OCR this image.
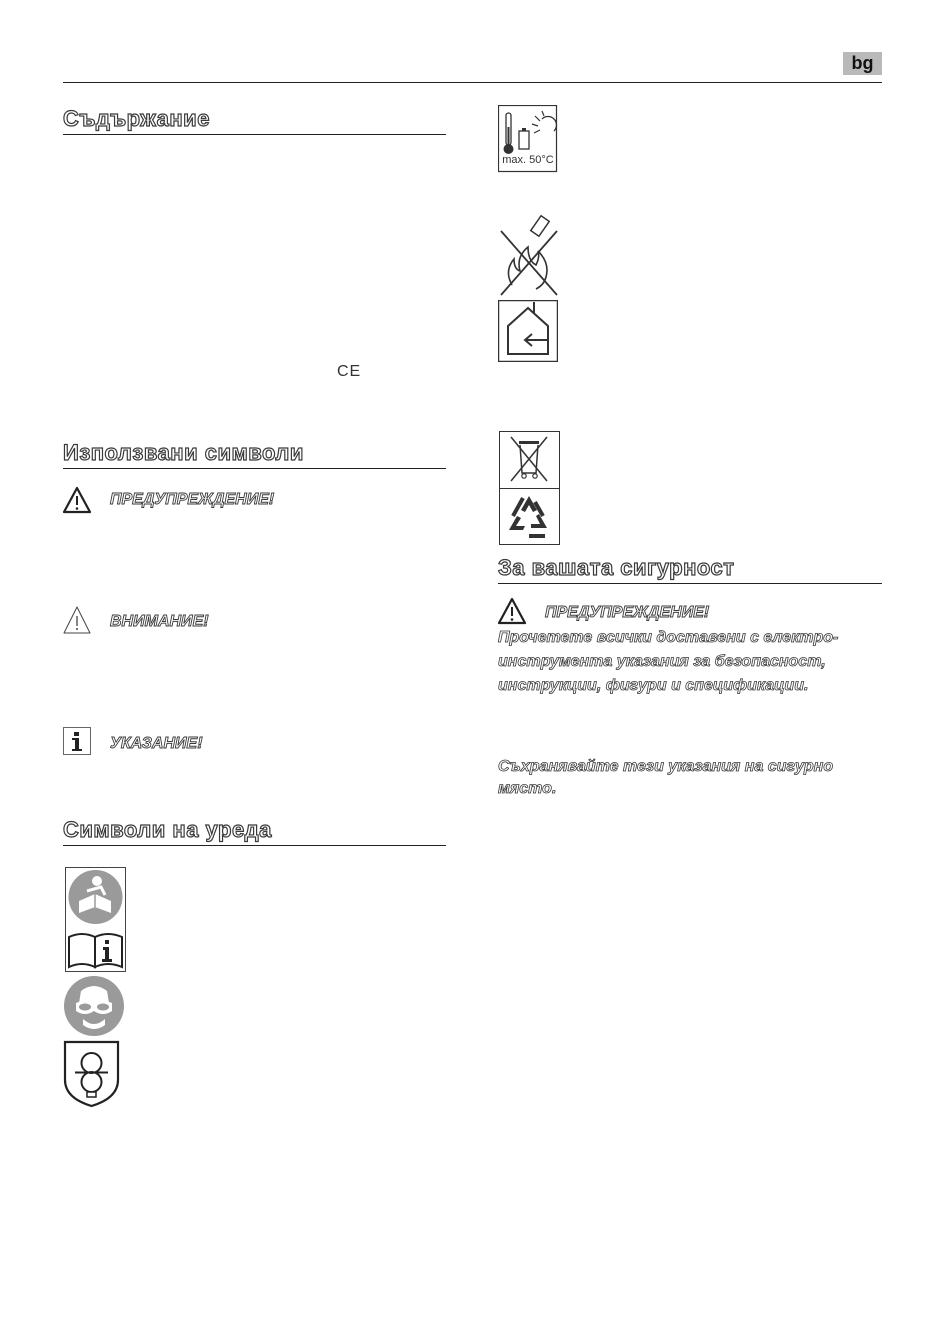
bg
Съдържание
CE
Използвани символи
ПРЕДУПРЕЖДЕНИЕ!
ВНИМАНИЕ!
УКАЗАНИЕ!
Символи на уреда
max. 50°C
За вашата сигурност
ПРЕДУПРЕЖДЕНИЕ!
Прочетете всички доставени с електро-
инструмента указания за безопасност,
инструкции, фигури и спецификации.
Съхранявайте тези указания на сигурно
място.
